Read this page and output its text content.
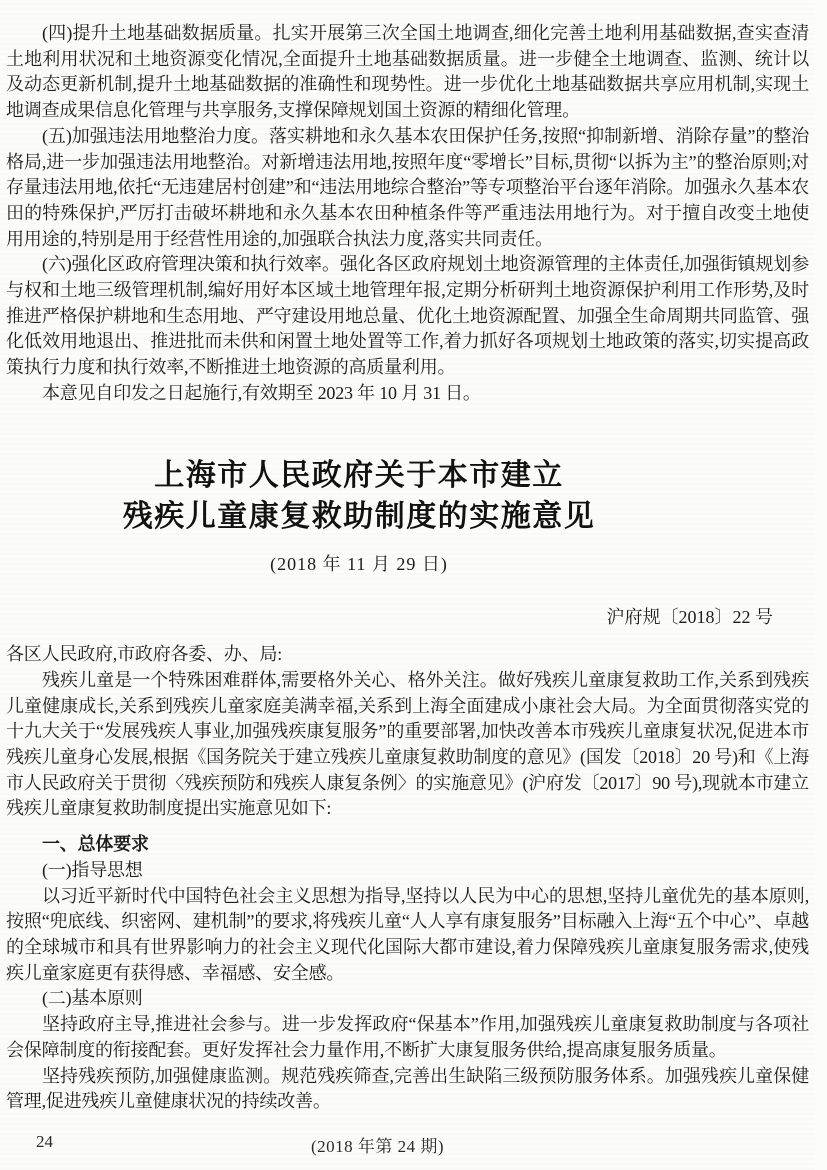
(四)提升土地基础数据质量。扎实开展第三次全国土地调查,细化完善土地利用基础数据,查实查清土地利用状况和土地资源变化情况,全面提升土地基础数据质量。进一步健全土地调查、监测、统计以及动态更新机制,提升土地基础数据的准确性和现势性。进一步优化土地基础数据共享应用机制,实现土地调查成果信息化管理与共享服务,支撑保障规划国土资源的精细化管理。

(五)加强违法用地整治力度。落实耕地和永久基本农田保护任务,按照“抑制新增、消除存量”的整治格局,进一步加强违法用地整治。对新增违法用地,按照年度“零增长”目标,贯彻“以拆为主”的整治原则;对存量违法用地,依托“无违建居村创建”和“违法用地综合整治”等专项整治平台逐年消除。加强永久基本农田的特殊保护,严厉打击破坏耕地和永久基本农田种植条件等严重违法用地行为。对于擅自改变土地使用用途的,特别是用于经营性用途的,加强联合执法力度,落实共同责任。

(六)强化区政府管理决策和执行效率。强化各区政府规划土地资源管理的主体责任,加强街镇规划参与权和土地三级管理机制,编好用好本区域土地管理年报,定期分析研判土地资源保护利用工作形势,及时推进严格保护耕地和生态用地、严守建设用地总量、优化土地资源配置、加强全生命周期共同监管、强化低效用地退出、推进批而未供和闲置土地处置等工作,着力抓好各项规划土地政策的落实,切实提高政策执行力度和执行效率,不断推进土地资源的高质量利用。

本意见自印发之日起施行,有效期至 2023 年 10 月 31 日。

上海市人民政府关于本市建立
残疾儿童康复救助制度的实施意见
(2018 年 11 月 29 日)
沪府规〔2018〕22 号

各区人民政府,市政府各委、办、局:

残疾儿童是一个特殊困难群体,需要格外关心、格外关注。做好残疾儿童康复救助工作,关系到残疾儿童健康成长,关系到残疾儿童家庭美满幸福,关系到上海全面建成小康社会大局。为全面贯彻落实党的十九大关于“发展残疾人事业,加强残疾康复服务”的重要部署,加快改善本市残疾儿童康复状况,促进本市残疾儿童身心发展,根据《国务院关于建立残疾儿童康复救助制度的意见》(国发〔2018〕20 号)和《上海市人民政府关于贯彻〈残疾预防和残疾人康复条例〉的实施意见》(沪府发〔2017〕90 号),现就本市建立残疾儿童康复救助制度提出实施意见如下:

一、总体要求

(一)指导思想

以习近平新时代中国特色社会主义思想为指导,坚持以人民为中心的思想,坚持儿童优先的基本原则,按照“兜底线、织密网、建机制”的要求,将残疾儿童“人人享有康复服务”目标融入上海“五个中心”、卓越的全球城市和具有世界影响力的社会主义现代化国际大都市建设,着力保障残疾儿童康复服务需求,使残疾儿童家庭更有获得感、幸福感、安全感。

(二)基本原则

坚持政府主导,推进社会参与。进一步发挥政府“保基本”作用,加强残疾儿童康复救助制度与各项社会保障制度的衔接配套。更好发挥社会力量作用,不断扩大康复服务供给,提高康复服务质量。

坚持残疾预防,加强健康监测。规范残疾筛查,完善出生缺陷三级预防服务体系。加强残疾儿童保健管理,促进残疾儿童健康状况的持续改善。

24	(2018 年第 24 期)
